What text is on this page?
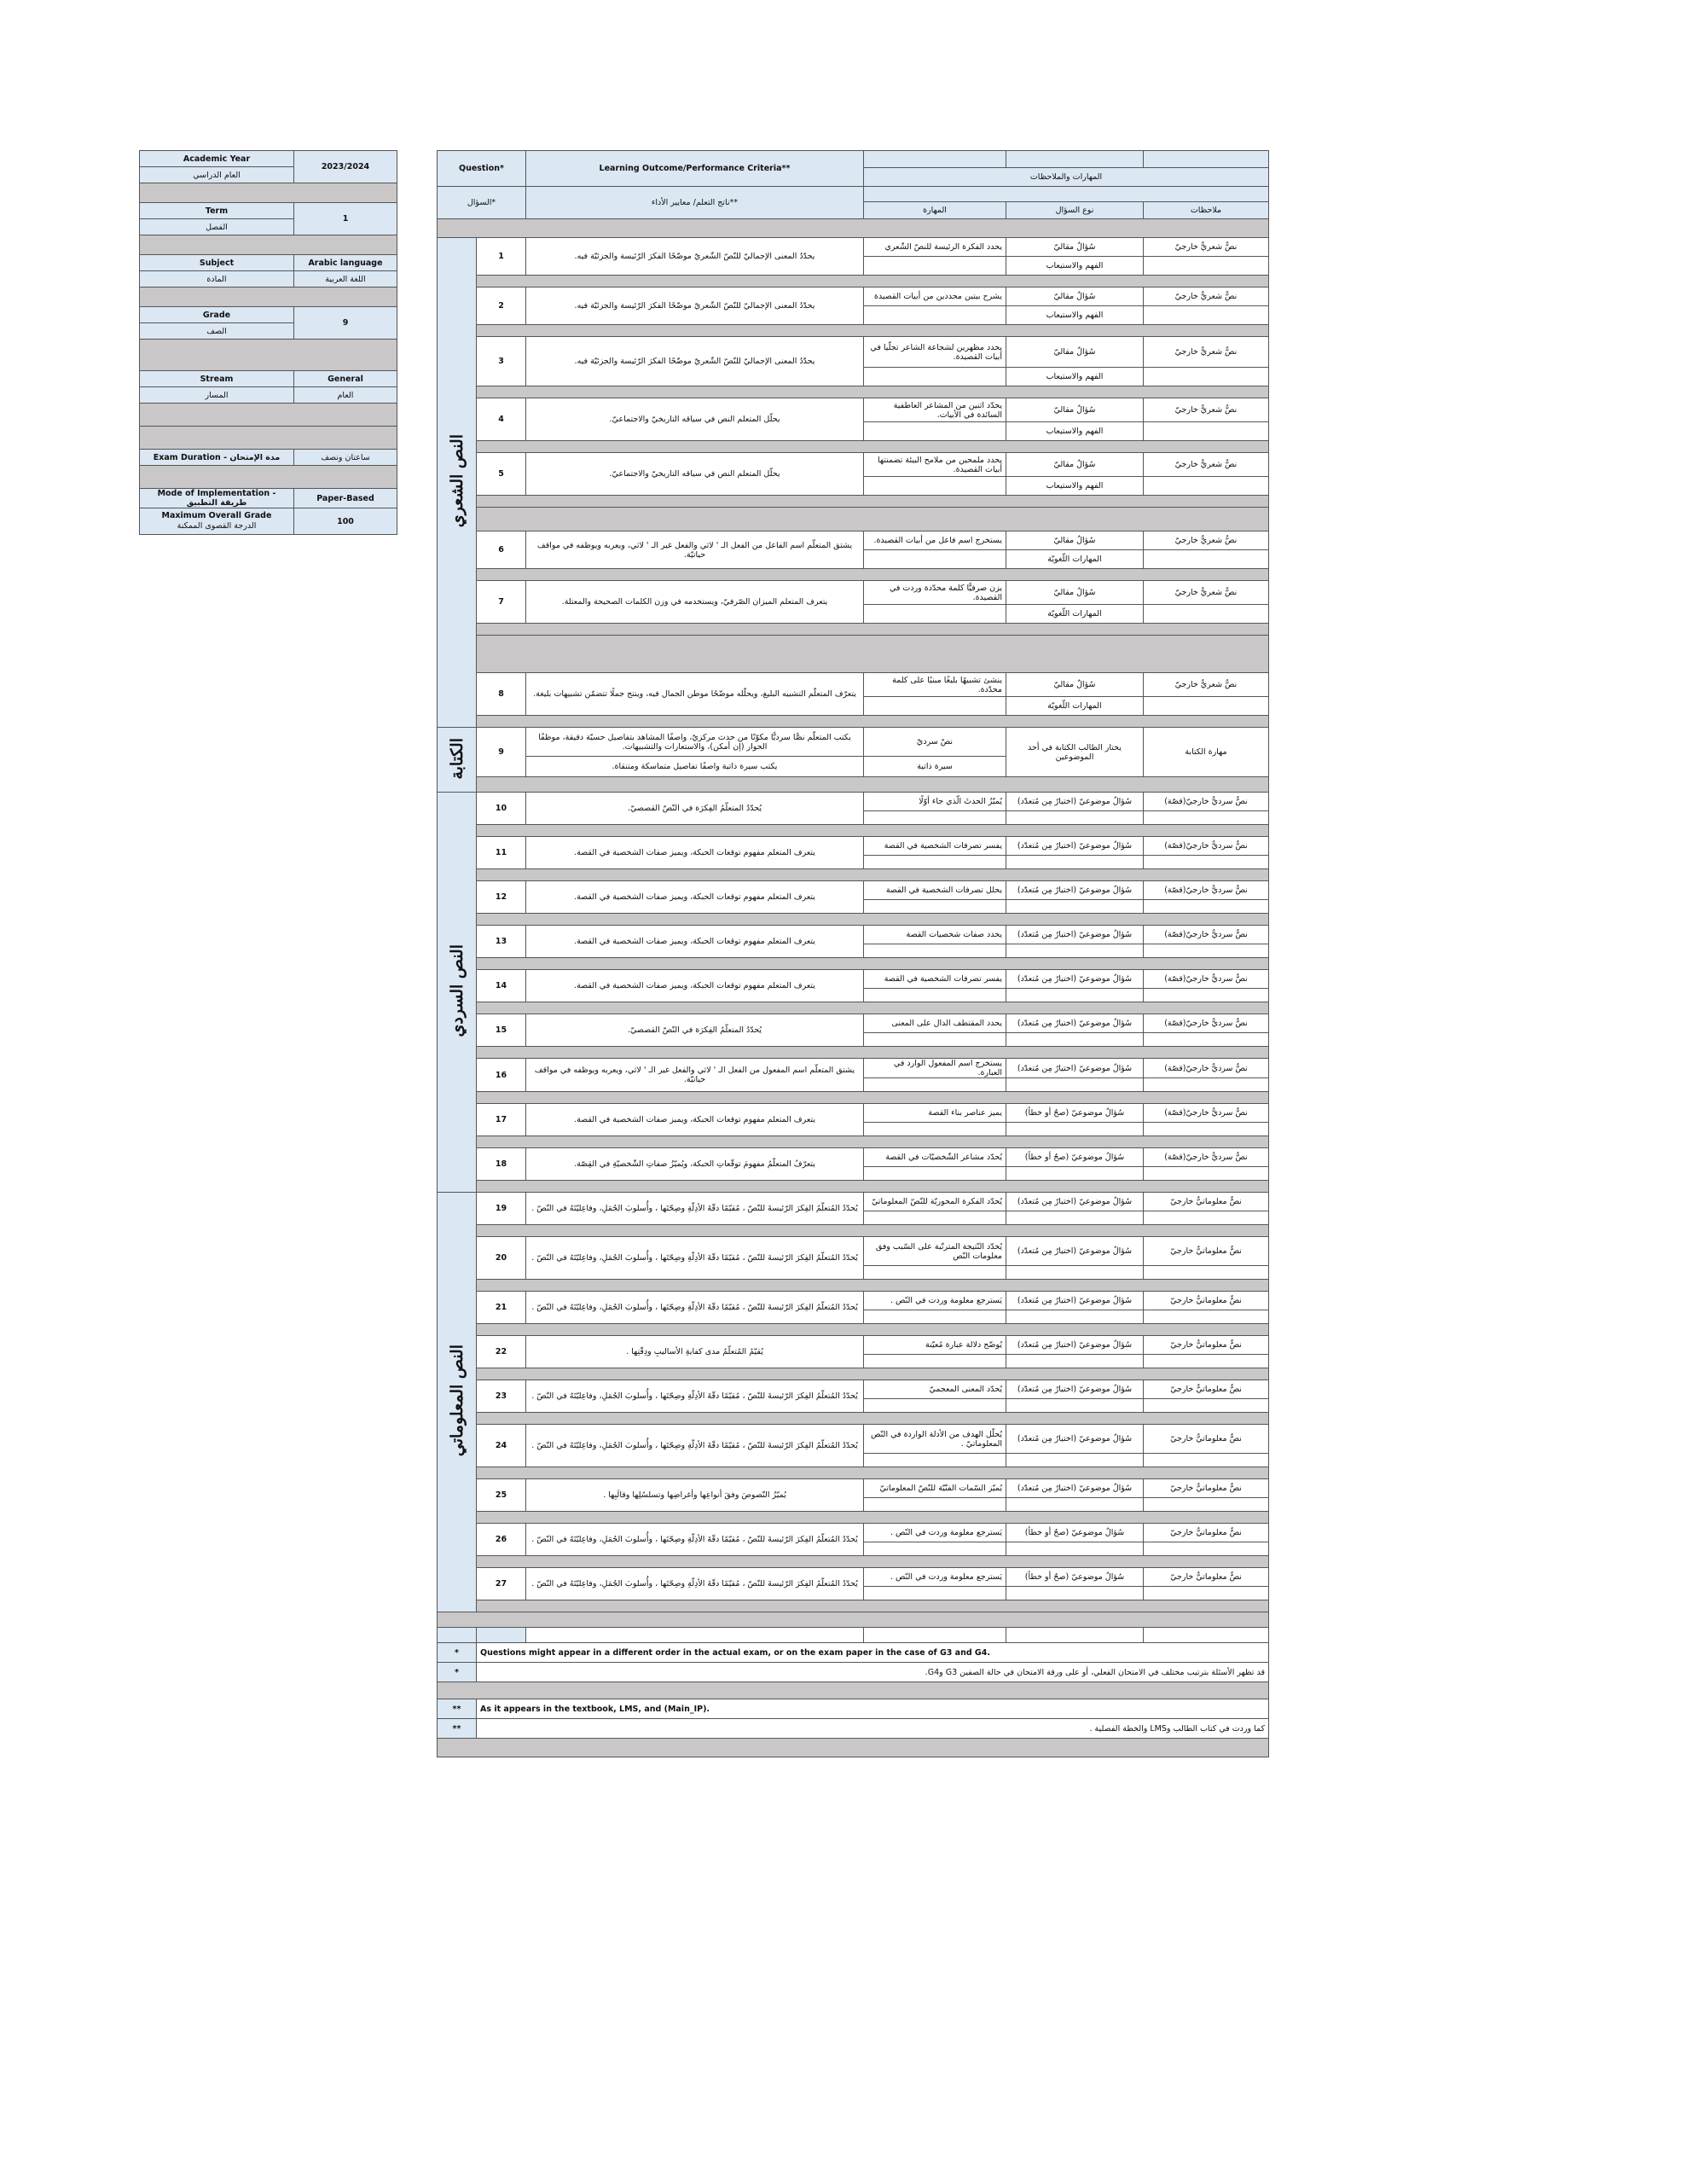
Academic Year	2023/2024
العام الدراسي	

Term	1
الفصل	

Subject	Arabic language
المادة	اللغة العربية

Grade	9
الصف	

Stream	General
المسار	العام

Exam Duration - مدة الإمتحان	ساعتان ونصف

Mode of Implementation - طريقة التطبيق	Paper-Based
Maximum Overall Grade
الدرجة القصوى الممكنة	100
Question*		Learning Outcome/Performance Criteria**			
			المهارات والملاحظات		
السؤال*		ناتج التعلم/ معايير الأداء**			
			المهارة	نوع السؤال	ملاحظات

النص الشعري	1	يحدّدُ المعنى الإجماليّ للنّصّ الشّعريّ موضّحًا الفكرَ الرّئيسة والجزئيّة فيه.	يحدد الفكرة الرئيسة للنصّ الشّعري	سُؤالٌ مقاليّ	نصٌّ شعريٌّ خارجيّ
				الفهم والاستيعاب	

	2	يحدّدُ المعنى الإجماليّ للنّصّ الشّعريّ موضّحًا الفكرَ الرّئيسة والجزئيّة فيه.	يشرح بيتين محددين من أبيات القصيدة	سُؤالٌ مقاليّ	نصٌّ شعريٌّ خارجيّ
				الفهم والاستيعاب	

	3	يحدّدُ المعنى الإجماليّ للنّصّ الشّعريّ موضّحًا الفكرَ الرّئيسة والجزئيّة فيه.	يحدد مظهرين لشجاعة الشاعر تجلّيا في أبيات القصيدة.	سُؤالٌ مقاليّ	نصٌّ شعريٌّ خارجيّ
				الفهم والاستيعاب	

	4	يحلّل المتعلم النص في سياقه التاريخيّ والاجتماعيّ.	يحدّد اثنين من المشاعر العاطفية السائدة في الأبيات.	سُؤالٌ مقاليّ	نصٌّ شعريٌّ خارجيّ
				الفهم والاستيعاب	

	5	يحلّل المتعلم النص في سياقه التاريخيّ والاجتماعيّ.	يحدد ملمحين من ملامح البيئة تضمنتها أبيات القصيدة.	سُؤالٌ مقاليّ	نصٌّ شعريٌّ خارجيّ
				الفهم والاستيعاب	

	6	يشتق المتعلّم اسم الفاعل من الفعل الـ ' لاثي والفعل غير الـ ' لاثي، ويعربه ويوظفه في مواقف حياتيّة.	يستخرج اسم فاعل من أبيات القصيدة.	سُؤالٌ مقاليّ	نصٌّ شعريٌّ خارجيّ
				المهارات اللّغويّة	

	7	يتعرف المتعلم الميزان الصّرفيّ، ويستخدمه في وزن الكلمات الصحيحة والمعتلة.	يزن صرفيًّا كلمة محدّدة وردت في القصيدة.	سُؤالٌ مقاليّ	نصٌّ شعريٌّ خارجيّ
				المهارات اللّغويّة	

	8	يتعرّف المتعلّم التشبيه البليغ، ويحلّله موضّحًا موطن الجمال فيه، وينتج جملًا تتضمّن تشبيهات بليغة.	ينشئ تشبيهًا بليغًا مبنيًا على كلمة محدّدة.	سُؤالٌ مقاليّ	نصٌّ شعريٌّ خارجيّ
				المهارات اللّغويّة	

الكتابة	9	يكتب المتعلّم نصًّا سرديًّا مكوّنًا من حدث مركزيّ، واصفًا المشاهد بتفاصيل حسيّة دقيقة، موظفًا الحوار (إن أمكن)، والاستعارات والتشبيهات.	نصّ سرديّ	يختار الطالب الكتابة في أحد الموضوعين	مهارة الكتابة
		يكتب سيرة ذاتية واصفًا تفاصيل متماسكة ومتنقاة.	سيرة ذاتية		

النص السردي	10	يُحدّدُ المتعلّمُ الفِكرَة في النّصّ القصصيّ.	يُميّزُ الحدثَ الّذي جاء أوّلًا	سُؤالٌ موضوعيّ (اختيارٌ مِن مُتعدّد)	نصٌّ سرديٌّ خارجيّ(قصّة)

	11	يتعرف المتعلم مفهوم توقعات الحبكة، ويميز صفات الشخصية في القصة.	يفسر تصرفات الشخصية في القصة	سُؤالٌ موضوعيّ (اختيارٌ مِن مُتعدّد)	نصٌّ سرديٌّ خارجيّ(قصّة)

	12	يتعرف المتعلم مفهوم توقعات الحبكة، ويميز صفات الشخصية في القصة.	يحلل تصرفات الشخصية في القصة	سُؤالٌ موضوعيّ (اختيارٌ مِن مُتعدّد)	نصٌّ سرديٌّ خارجيّ(قصّة)

	13	يتعرف المتعلم مفهوم توقعات الحبكة، ويميز صفات الشخصية في القصة.	يحدد صفات شخصيات القصة	سُؤالٌ موضوعيّ (اختيارٌ مِن مُتعدّد)	نصٌّ سرديٌّ خارجيّ(قصّة)

	14	يتعرف المتعلم مفهوم توقعات الحبكة، ويميز صفات الشخصية في القصة.	يفسر تصرفات الشخصية في القصة	سُؤالٌ موضوعيّ (اختيارٌ مِن مُتعدّد)	نصٌّ سرديٌّ خارجيّ(قصّة)

	15	يُحدّدُ المتعلّمُ الفِكرَة في النّصّ القصصيّ.	يحدد المقتطف الدال على المعنى	سُؤالٌ موضوعيّ (اختيارٌ مِن مُتعدّد)	نصٌّ سرديٌّ خارجيّ(قصّة)

	16	يشتق المتعلّم اسم المفعول من الفعل الـ ' لاثي والفعل غير الـ ' لاثي، ويعربه ويوظفه في مواقف حياتيّة.	يستخرج اسم المفعول الوارد في العبارة.	سُؤالٌ موضوعيّ (اختيارٌ مِن مُتعدّد)	نصٌّ سرديٌّ خارجيّ(قصّة)

	17	يتعرف المتعلم مفهوم توقعات الحبكة، ويميز صفات الشخصية في القصة.	يميز عناصر بناء القصة	سُؤالٌ موضوعيّ (صحٌ أو خطأ)	نصٌّ سرديٌّ خارجيّ(قصّة)

	18	يتعرّفُ المتعلّمُ مفهومَ توقّعاتِ الحبكة، ويُميّزُ صفاتِ الشّخصيّةِ في القِصّة.	يُحدّد مشاعر الشّخصيّات في القصة	سُؤالٌ موضوعيّ (صحٌ أو خطأ)	نصٌّ سرديٌّ خارجيّ(قصّة)

النص المعلوماتي	19	يُحدّدُ المُتعلّمُ الفِكرَ الرّئيسةَ للنّصّ ، مُقيّمًا دقّةَ الأدِلّةِ وصِحّتَها ، وأُسلوبَ الجُمَلِ، وفاعِليّتَهُ في النّصّ .	يُحدّد الفكرة المحوريّة للنّصّ المعلوماتيّ	سُؤالٌ موضوعيّ (اختيارٌ مِن مُتعدّد)	نصٌّ معلوماتيٌّ خارجيّ

	20	يُحدّدُ المُتعلّمُ الفِكرَ الرّئيسةَ للنّصّ ، مُقيّمًا دقّةَ الأدِلّةِ وصِحّتَها ، وأُسلوبَ الجُمَلِ، وفاعِليّتَهُ في النّصّ .	يُحدّد النّتيجة المترتّبة على السّبب وفق معلومات النّص	سُؤالٌ موضوعيّ (اختيارٌ مِن مُتعدّد)	نصٌّ معلوماتيٌّ خارجيّ

	21	يُحدّدُ المُتعلّمُ الفِكرَ الرّئيسةَ للنّصّ ، مُقيّمًا دقّةَ الأدِلّةِ وصِحّتَها ، وأُسلوبَ الجُمَلِ، وفاعِليّتَهُ في النّصّ .	يَسترجع معلومة وردت في النّص .	سُؤالٌ موضوعيّ (اختيارٌ مِن مُتعدّد)	نصٌّ معلوماتيٌّ خارجيّ

	22	يُقيّمُ المُتعلّمُ مدى كفايةِ الأساليبِ ودِقّتِها .	يُوضّح دلالة عبارة مُعيّنة	سُؤالٌ موضوعيّ (اختيارٌ مِن مُتعدّد)	نصٌّ معلوماتيٌّ خارجيّ

	23	يُحدّدُ المُتعلّمُ الفِكرَ الرّئيسةَ للنّصّ ، مُقيّمًا دقّةَ الأدِلّةِ وصِحّتَها ، وأُسلوبَ الجُمَلِ، وفاعِليّتَهُ في النّصّ .	يُحدّد المعنى المعجميّ	سُؤالٌ موضوعيّ (اختيارٌ مِن مُتعدّد)	نصٌّ معلوماتيٌّ خارجيّ

	24	يُحدّدُ المُتعلّمُ الفِكرَ الرّئيسةَ للنّصّ ، مُقيّمًا دقّةَ الأدِلّةِ وصِحّتَها ، وأُسلوبَ الجُمَلِ، وفاعِليّتَهُ في النّصّ .	يُحلّل الهدف من الأدلة الواردة في النّص المعلوماتيّ .	سُؤالٌ موضوعيّ (اختيارٌ مِن مُتعدّد)	نصٌّ معلوماتيٌّ خارجيّ

	25	يُميّزُ النّصوصَ وفقَ أنواعِها وأغراضِها وتسلسُلِها وقالَبِها .	يُميّز السّمات الفنّيّة للنّصّ المعلوماتيّ	سُؤالٌ موضوعيّ (اختيارٌ مِن مُتعدّد)	نصٌّ معلوماتيٌّ خارجيّ

	26	يُحدّدُ المُتعلّمُ الفِكرَ الرّئيسةَ للنّصّ ، مُقيّمًا دقّةَ الأدِلّةِ وصِحّتَها ، وأُسلوبَ الجُمَلِ، وفاعِليّتَهُ في النّصّ .	يَسترجع معلومة وردت في النّص .	سُؤالٌ موضوعيّ (صحٌ أو خطأ)	نصٌّ معلوماتيٌّ خارجيّ

	27	يُحدّدُ المُتعلّمُ الفِكرَ الرّئيسةَ للنّصّ ، مُقيّمًا دقّةَ الأدِلّةِ وصِحّتَها ، وأُسلوبَ الجُمَلِ، وفاعِليّتَهُ في النّصّ .	يَسترجع معلومة وردت في النّص .	سُؤالٌ موضوعيّ (صحٌ أو خطأ)	نصٌّ معلوماتيٌّ خارجيّ

*	Questions might appear in a different order in the actual exam, or on the exam paper in the case of G3 and G4.				
*	قد تظهر الأسئلة بترتيب مختلف في الامتحان الفعلي، أو على ورقة الامتحان في حالة الصفين G3 وG4.				

**	As it appears in the textbook, LMS, and (Main_IP).				
**	كما وردت في كتاب الطالب وLMS والخطة الفصلية .				
